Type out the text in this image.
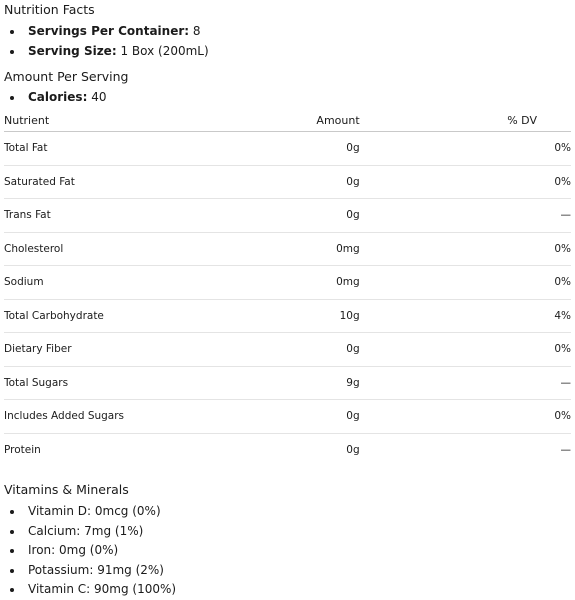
Nutrition Facts
Servings Per Container: 8
Serving Size: 1 Box (200mL)
Amount Per Serving
Calories: 40
Nutrient	Amount	% DV
Total Fat	0g	0%
Saturated Fat	0g	0%
Trans Fat	0g	—
Cholesterol	0mg	0%
Sodium	0mg	0%
Total Carbohydrate	10g	4%
Dietary Fiber	0g	0%
Total Sugars	9g	—
Includes Added Sugars	0g	0%
Protein	0g	—
Vitamins & Minerals
Vitamin D: 0mcg (0%)
Calcium: 7mg (1%)
Iron: 0mg (0%)
Potassium: 91mg (2%)
Vitamin C: 90mg (100%)
